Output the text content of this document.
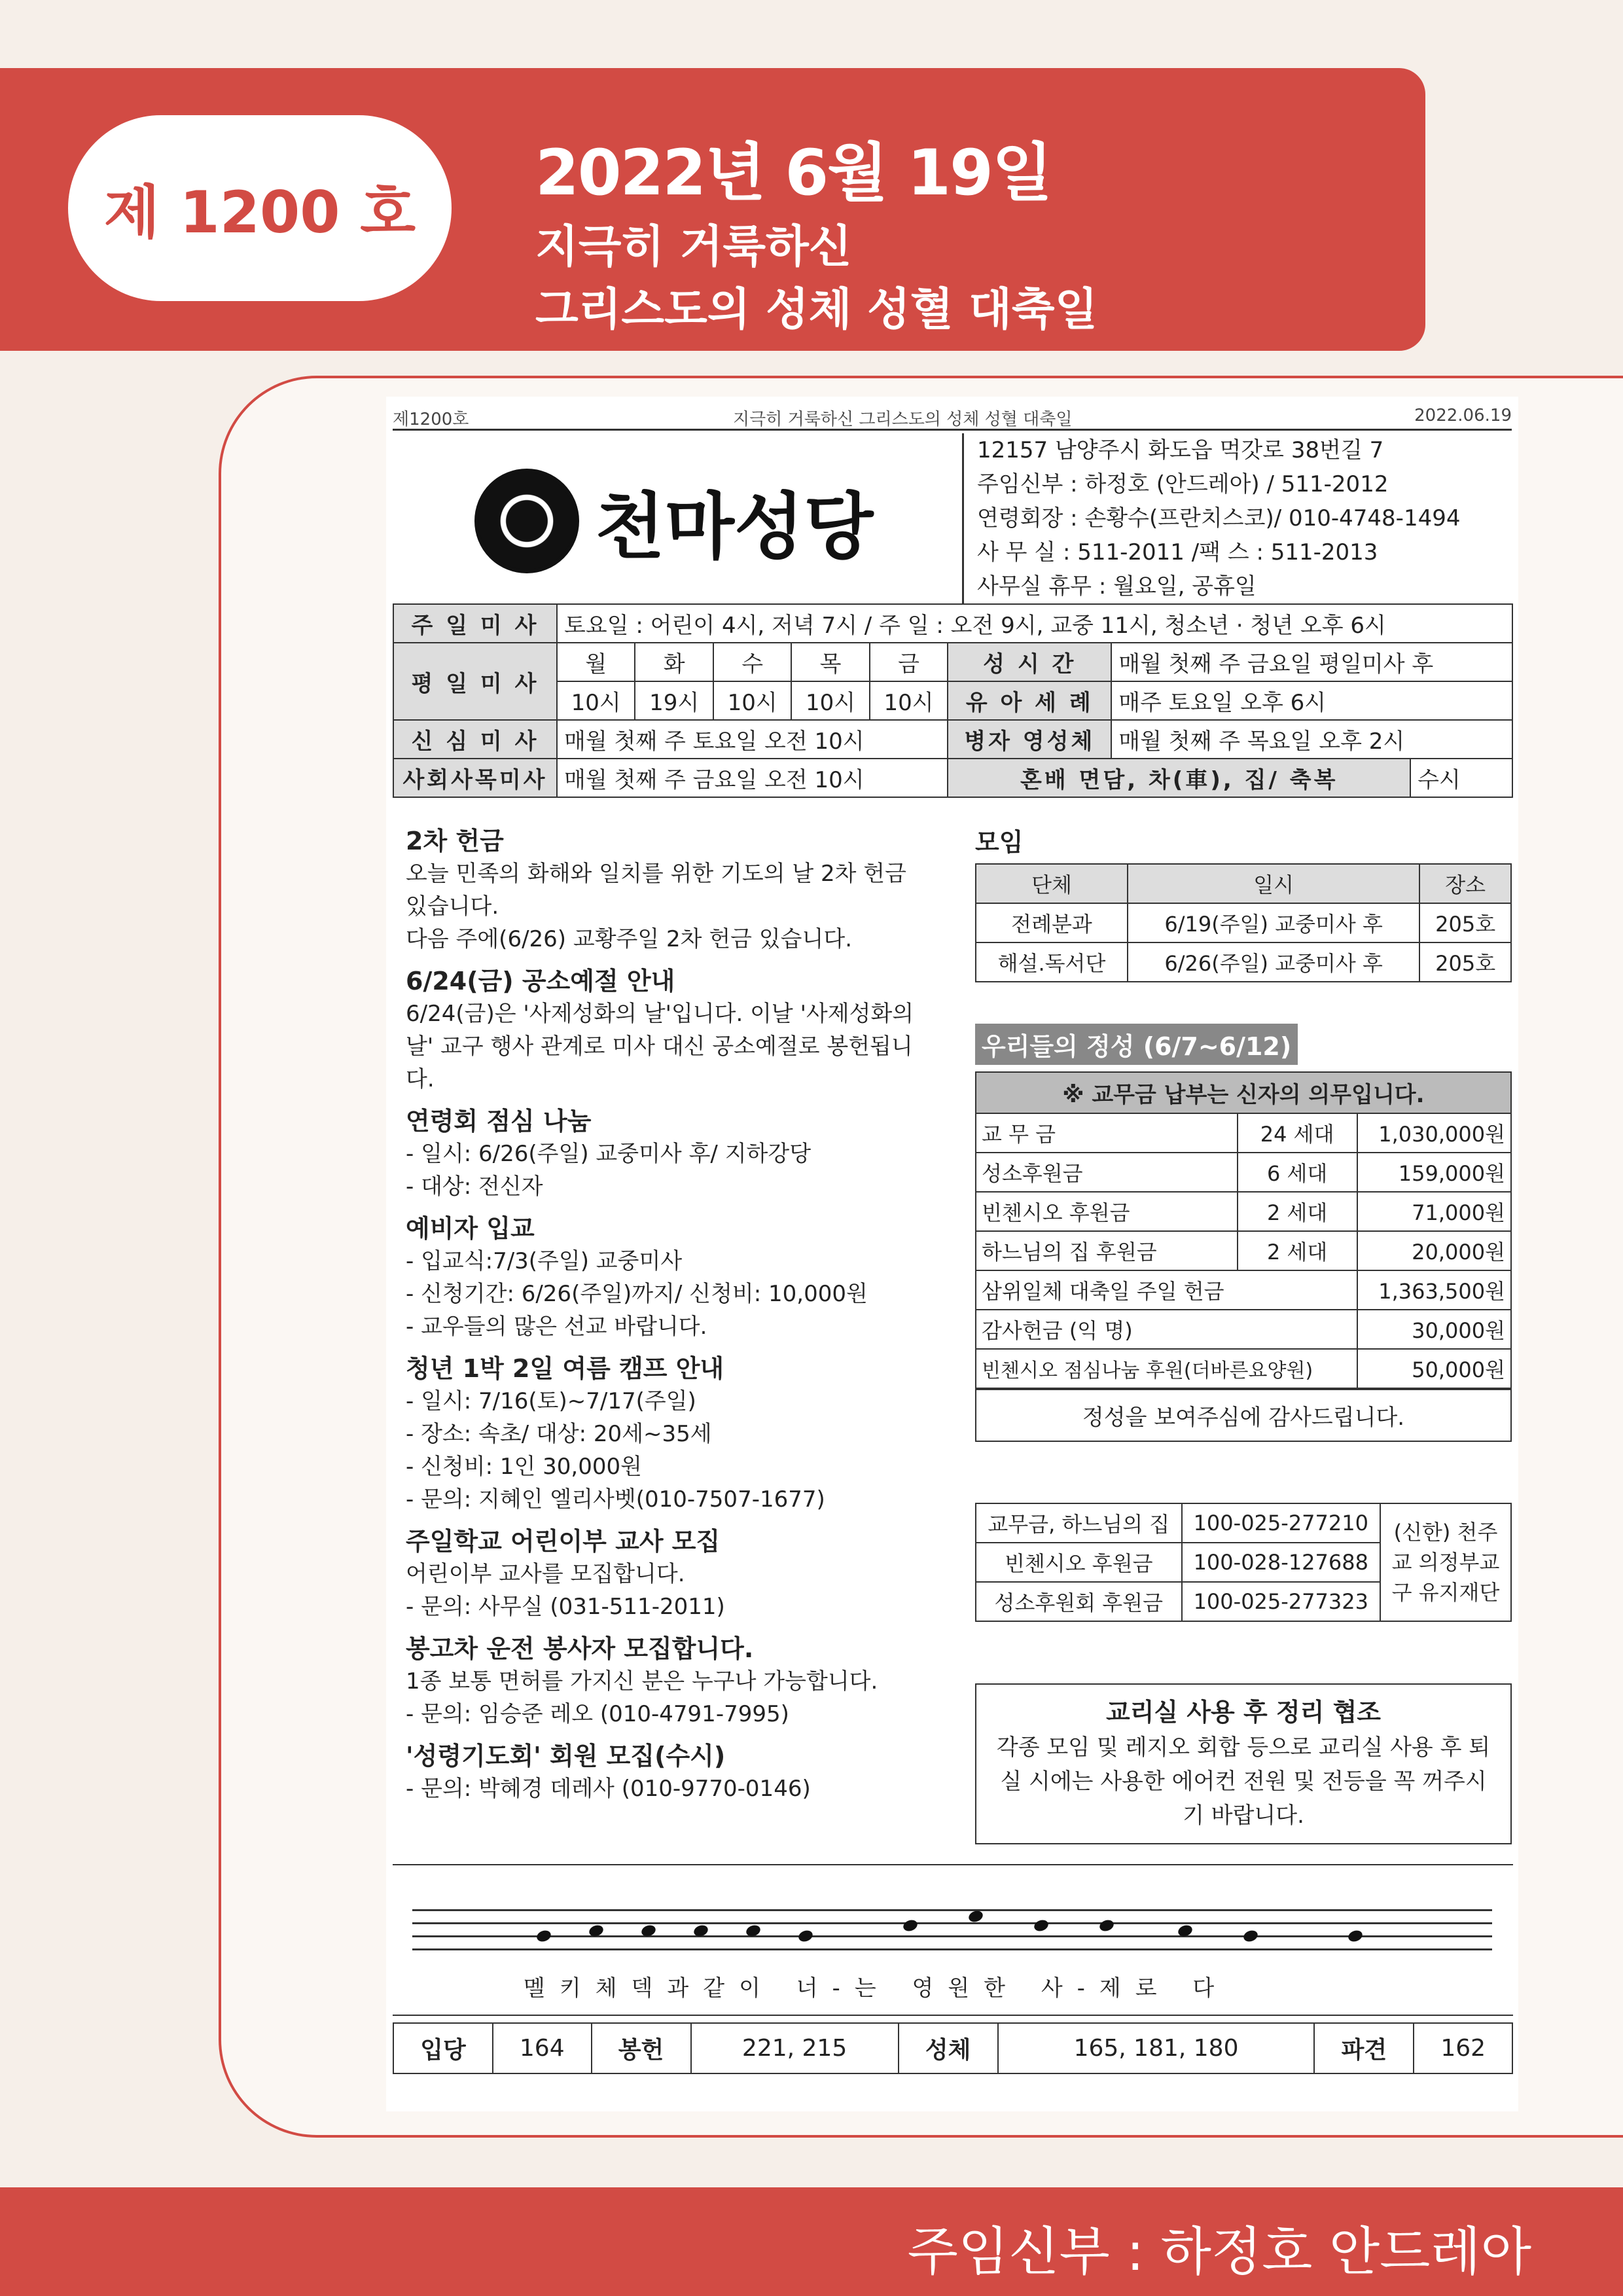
제 1200 호
2022년 6월 19일
지극히 거룩하신
그리스도의 성체 성혈 대축일
제1200호	지극히 거룩하신 그리스도의 성체 성혈 대축일	2022.06.19
천마성당
12157 남양주시 화도읍 먹갓로 38번길 7
주임신부 : 하정호 (안드레아) / 511-2012
연령회장 : 손황수(프란치스코)/ 010-4748-1494
사 무 실 : 511-2011 /팩 스 : 511-2013
사무실 휴무 : 월요일, 공휴일
주 일 미 사	토요일 : 어린이 4시, 저녁 7시 / 주 일 : 오전 9시, 교중 11시, 청소년 · 청년 오후 6시							
평 일 미 사	월	화	수	목	금	성 시 간	매월 첫째 주 금요일 평일미사 후	
	10시	19시	10시	10시	10시	유 아 세 례	매주 토요일 오후 6시	
신 심 미 사	매월 첫째 주 토요일 오전 10시					병자 영성체	매월 첫째 주 목요일 오후 2시	
사회사목미사	매월 첫째 주 금요일 오전 10시					혼배 면담, 차(車), 집/ 축복		수시
2차 헌금
오늘 민족의 화해와 일치를 위한 기도의 날 2차 헌금 있습니다.
다음 주에(6/26) 교황주일 2차 헌금 있습니다.
6/24(금) 공소예절 안내
6/24(금)은 '사제성화의 날'입니다. 이날 '사제성화의 날' 교구 행사 관계로 미사 대신 공소예절로 봉헌됩니다.
연령회 점심 나눔
- 일시: 6/26(주일) 교중미사 후/ 지하강당
- 대상: 전신자
예비자 입교
- 입교식:7/3(주일) 교중미사
- 신청기간: 6/26(주일)까지/ 신청비: 10,000원
- 교우들의 많은 선교 바랍니다.
청년 1박 2일 여름 캠프 안내
- 일시: 7/16(토)~7/17(주일)
- 장소: 속초/ 대상: 20세~35세
- 신청비: 1인 30,000원
- 문의: 지혜인 엘리사벳(010-7507-1677)
주일학교 어린이부 교사 모집
어린이부 교사를 모집합니다.
- 문의: 사무실 (031-511-2011)
봉고차 운전 봉사자 모집합니다.
1종 보통 면허를 가지신 분은 누구나 가능합니다.
- 문의: 임승준 레오 (010-4791-7995)
'성령기도회' 회원 모집(수시)
- 문의: 박혜경 데레사 (010-9770-0146)
모임
단체	일시	장소
전례분과	6/19(주일) 교중미사 후	205호
해설.독서단	6/26(주일) 교중미사 후	205호
우리들의 정성 (6/7~6/12)
※ 교무금 납부는 신자의 의무입니다.		
교 무 금	24 세대	1,030,000원
성소후원금	6 세대	159,000원
빈첸시오 후원금	2 세대	71,000원
하느님의 집 후원금	2 세대	20,000원
삼위일체 대축일 주일 헌금		1,363,500원
감사헌금 (익 명)		30,000원
빈첸시오 점심나눔 후원(더바른요양원)		50,000원
정성을 보여주심에 감사드립니다.
교무금, 하느님의 집	100-025-277210	(신한) 천주교 의정부교구 유지재단
빈첸시오 후원금	100-028-127688	
성소후원회 후원금	100-025-277323	
교리실 사용 후 정리 협조
각종 모임 및 레지오 회합 등으로 교리실 사용 후 퇴실 시에는 사용한 에어컨 전원 및 전등을 꼭 꺼주시기 바랍니다.
멜키체덱과같이 너-는 영원한 사-제로 다
입당	164	봉헌	221, 215	성체	165, 181, 180	파견	162
주임신부 : 하정호 안드레아
